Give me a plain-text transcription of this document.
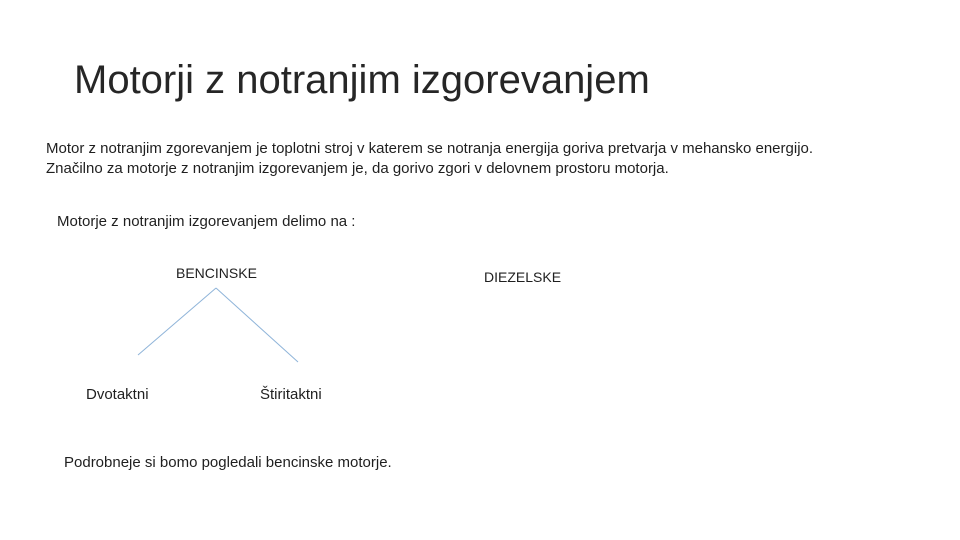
Motorji z notranjim izgorevanjem

Motor z notranjim zgorevanjem je toplotni stroj v katerem se notranja energija goriva pretvarja v mehansko energijo.
Značilno za motorje z notranjim izgorevanjem je, da gorivo zgori v delovnem prostoru motorja.

Motorje z notranjim izgorevanjem delimo na :

BENCINSKE	DIEZELSKE

Dvotaktni	Štiritaktni

Podrobneje si bomo pogledali bencinske motorje.
